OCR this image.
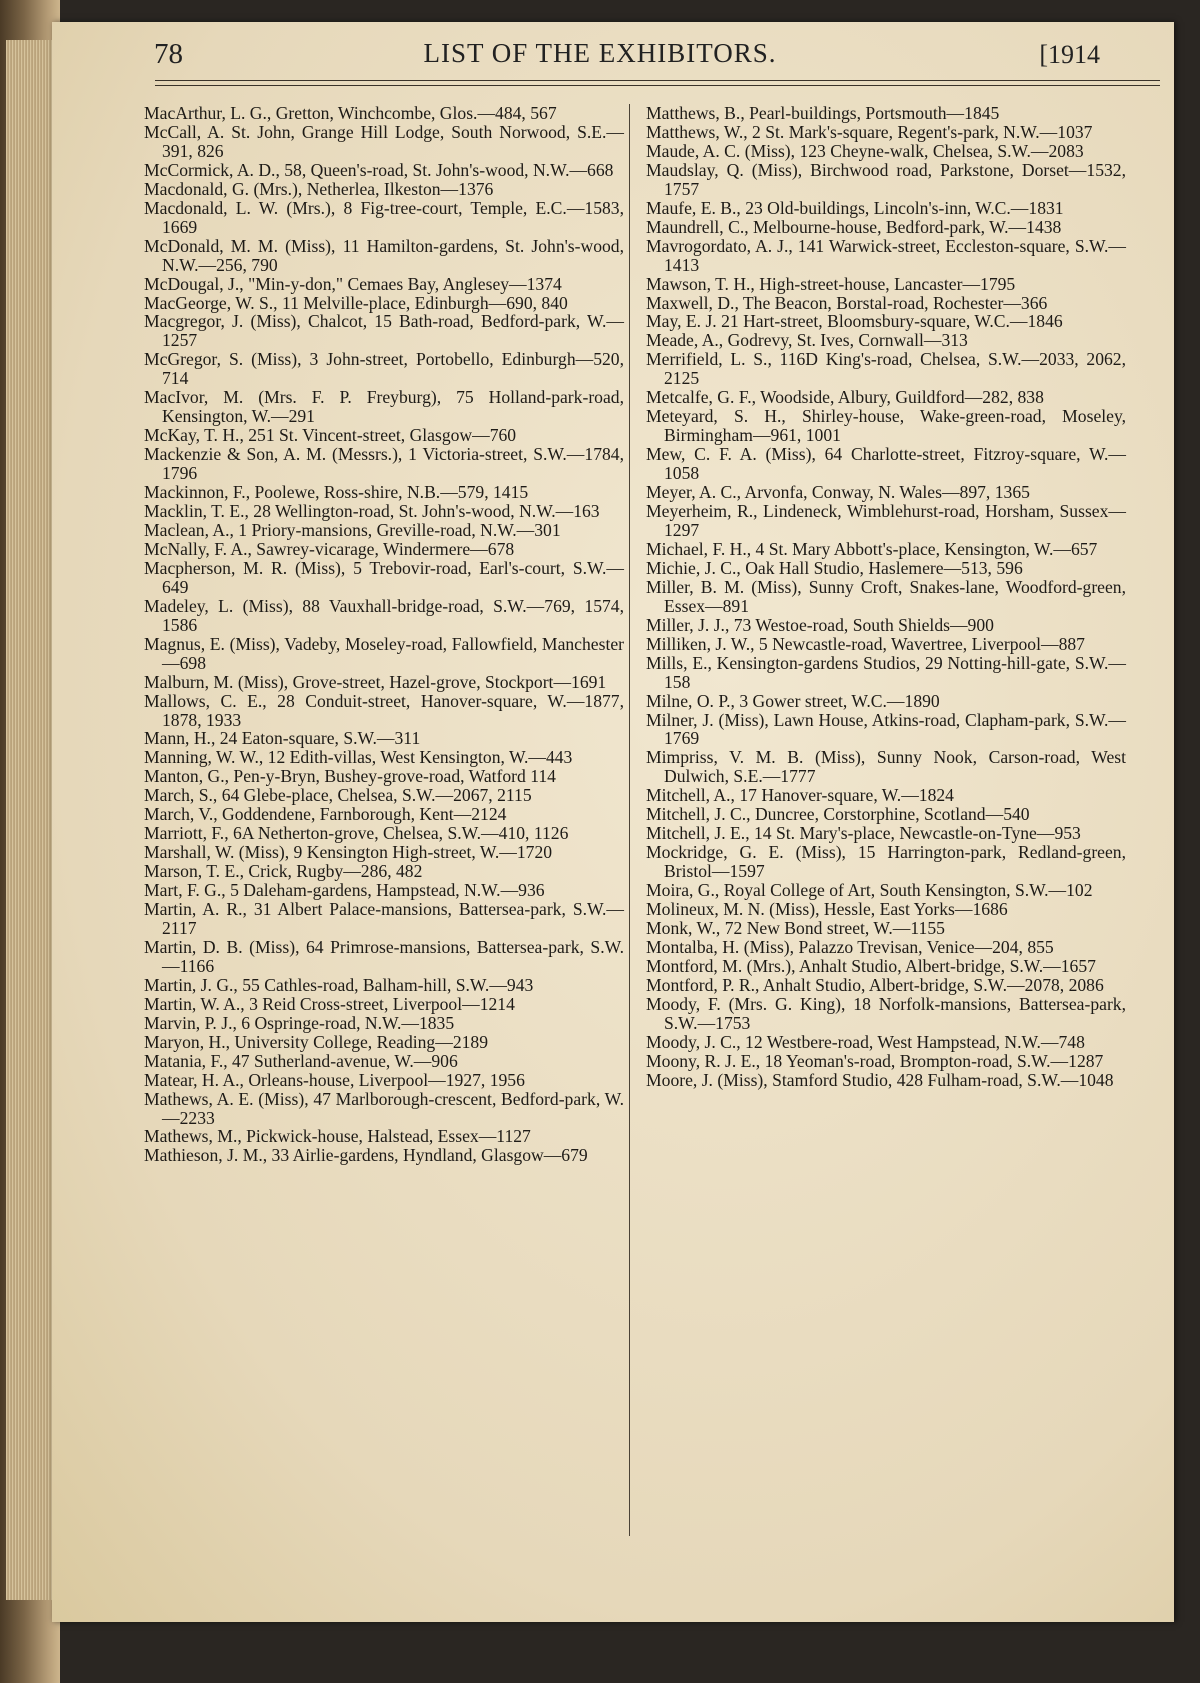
78	LIST OF THE EXHIBITORS.	[1914

MacArthur, L. G., Gretton, Winchcombe, Glos.—484, 567

McCall, A. St. John, Grange Hill Lodge, South Norwood, S.E.—391, 826

McCormick, A. D., 58, Queen's-road, St. John's-wood, N.W.—668

Macdonald, G. (Mrs.), Netherlea, Ilkeston—1376

Macdonald, L. W. (Mrs.), 8 Fig-tree-court, Temple, E.C.—1583, 1669

McDonald, M. M. (Miss), 11 Hamilton-gardens, St. John's-wood, N.W.—256, 790

McDougal, J., "Min-y-don," Cemaes Bay, Anglesey—1374

MacGeorge, W. S., 11 Melville-place, Edinburgh—690, 840

Macgregor, J. (Miss), Chalcot, 15 Bath-road, Bedford-park, W.—1257

McGregor, S. (Miss), 3 John-street, Portobello, Edinburgh—520, 714

MacIvor, M. (Mrs. F. P. Freyburg), 75 Holland-park-road, Kensington, W.—291

McKay, T. H., 251 St. Vincent-street, Glasgow—760

Mackenzie & Son, A. M. (Messrs.), 1 Victoria-street, S.W.—1784, 1796

Mackinnon, F., Poolewe, Ross-shire, N.B.—579, 1415

Macklin, T. E., 28 Wellington-road, St. John's-wood, N.W.—163

Maclean, A., 1 Priory-mansions, Greville-road, N.W.—301

McNally, F. A., Sawrey-vicarage, Windermere—678

Macpherson, M. R. (Miss), 5 Trebovir-road, Earl's-court, S.W.—649

Madeley, L. (Miss), 88 Vauxhall-bridge-road, S.W.—769, 1574, 1586

Magnus, E. (Miss), Vadeby, Moseley-road, Fallowfield, Manchester—698

Malburn, M. (Miss), Grove-street, Hazel-grove, Stockport—1691

Mallows, C. E., 28 Conduit-street, Hanover-square, W.—1877, 1878, 1933

Mann, H., 24 Eaton-square, S.W.—311

Manning, W. W., 12 Edith-villas, West Kensington, W.—443

Manton, G., Pen-y-Bryn, Bushey-grove-road, Watford 114

March, S., 64 Glebe-place, Chelsea, S.W.—2067, 2115

March, V., Goddendene, Farnborough, Kent—2124

Marriott, F., 6A Netherton-grove, Chelsea, S.W.—410, 1126

Marshall, W. (Miss), 9 Kensington High-street, W.—1720

Marson, T. E., Crick, Rugby—286, 482

Mart, F. G., 5 Daleham-gardens, Hampstead, N.W.—936

Martin, A. R., 31 Albert Palace-mansions, Battersea-park, S.W.—2117

Martin, D. B. (Miss), 64 Primrose-mansions, Battersea-park, S.W.—1166

Martin, J. G., 55 Cathles-road, Balham-hill, S.W.—943

Martin, W. A., 3 Reid Cross-street, Liverpool—1214

Marvin, P. J., 6 Ospringe-road, N.W.—1835

Maryon, H., University College, Reading—2189

Matania, F., 47 Sutherland-avenue, W.—906

Matear, H. A., Orleans-house, Liverpool—1927, 1956

Mathews, A. E. (Miss), 47 Marlborough-crescent, Bedford-park, W.—2233

Mathews, M., Pickwick-house, Halstead, Essex—1127

Mathieson, J. M., 33 Airlie-gardens, Hyndland, Glasgow—679

Matthews, B., Pearl-buildings, Portsmouth—1845

Matthews, W., 2 St. Mark's-square, Regent's-park, N.W.—1037

Maude, A. C. (Miss), 123 Cheyne-walk, Chelsea, S.W.—2083

Maudslay, Q. (Miss), Birchwood road, Parkstone, Dorset—1532, 1757

Maufe, E. B., 23 Old-buildings, Lincoln's-inn, W.C.—1831

Maundrell, C., Melbourne-house, Bedford-park, W.—1438

Mavrogordato, A. J., 141 Warwick-street, Eccleston-square, S.W.—1413

Mawson, T. H., High-street-house, Lancaster—1795

Maxwell, D., The Beacon, Borstal-road, Rochester—366

May, E. J. 21 Hart-street, Bloomsbury-square, W.C.—1846

Meade, A., Godrevy, St. Ives, Cornwall—313

Merrifield, L. S., 116D King's-road, Chelsea, S.W.—2033, 2062, 2125

Metcalfe, G. F., Woodside, Albury, Guildford—282, 838

Meteyard, S. H., Shirley-house, Wake-green-road, Moseley, Birmingham—961, 1001

Mew, C. F. A. (Miss), 64 Charlotte-street, Fitzroy-square, W.—1058

Meyer, A. C., Arvonfa, Conway, N. Wales—897, 1365

Meyerheim, R., Lindeneck, Wimblehurst-road, Horsham, Sussex—1297

Michael, F. H., 4 St. Mary Abbott's-place, Kensington, W.—657

Michie, J. C., Oak Hall Studio, Haslemere—513, 596

Miller, B. M. (Miss), Sunny Croft, Snakes-lane, Woodford-green, Essex—891

Miller, J. J., 73 Westoe-road, South Shields—900

Milliken, J. W., 5 Newcastle-road, Wavertree, Liverpool—887

Mills, E., Kensington-gardens Studios, 29 Notting-hill-gate, S.W.—158

Milne, O. P., 3 Gower street, W.C.—1890

Milner, J. (Miss), Lawn House, Atkins-road, Clapham-park, S.W.—1769

Mimpriss, V. M. B. (Miss), Sunny Nook, Carson-road, West Dulwich, S.E.—1777

Mitchell, A., 17 Hanover-square, W.—1824

Mitchell, J. C., Duncree, Corstorphine, Scotland—540

Mitchell, J. E., 14 St. Mary's-place, Newcastle-on-Tyne—953

Mockridge, G. E. (Miss), 15 Harrington-park, Redland-green, Bristol—1597

Moira, G., Royal College of Art, South Kensington, S.W.—102

Molineux, M. N. (Miss), Hessle, East Yorks—1686

Monk, W., 72 New Bond street, W.—1155

Montalba, H. (Miss), Palazzo Trevisan, Venice—204, 855

Montford, M. (Mrs.), Anhalt Studio, Albert-bridge, S.W.—1657

Montford, P. R., Anhalt Studio, Albert-bridge, S.W.—2078, 2086

Moody, F. (Mrs. G. King), 18 Norfolk-mansions, Battersea-park, S.W.—1753

Moody, J. C., 12 Westbere-road, West Hampstead, N.W.—748

Moony, R. J. E., 18 Yeoman's-road, Brompton-road, S.W.—1287

Moore, J. (Miss), Stamford Studio, 428 Fulham-road, S.W.—1048
